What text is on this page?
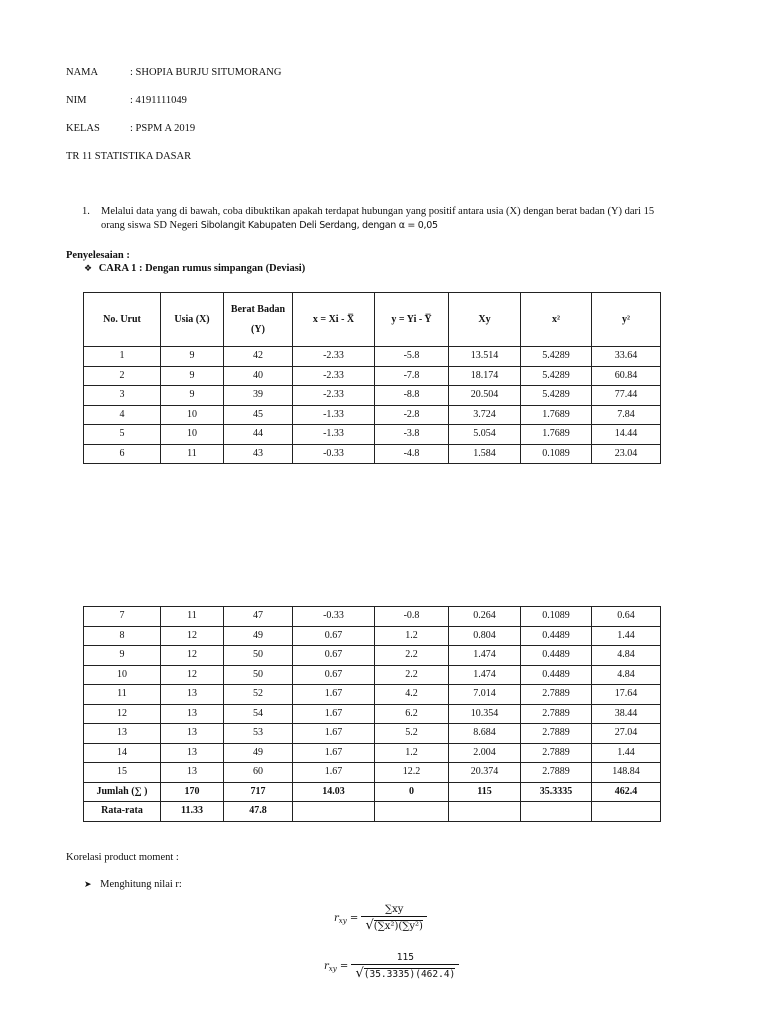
NAMA	: SHOPIA BURJU SITUMORANG
NIM	: 4191111049
KELAS	: PSPM A 2019
TR 11 STATISTIKA DASAR
1. Melalui data yang di bawah, coba dibuktikan apakah terdapat hubungan yang positif antara usia (X) dengan berat badan (Y) dari 15
orang siswa SD Negeri Sibolangit Kabupaten Deli Serdang, dengan α = 0,05
Penyelesaian :
❖ CARA 1 : Dengan rumus simpangan (Deviasi)
No. Urut	Usia (X)	Berat Badan
(Y)	x = Xi - X̅	y = Yi - Y̅	Xy	x²	y²
1	9	42	-2.33	-5.8	13.514	5.4289	33.64
2	9	40	-2.33	-7.8	18.174	5.4289	60.84
3	9	39	-2.33	-8.8	20.504	5.4289	77.44
4	10	45	-1.33	-2.8	3.724	1.7689	7.84
5	10	44	-1.33	-3.8	5.054	1.7689	14.44
6	11	43	-0.33	-4.8	1.584	0.1089	23.04
7	11	47	-0.33	-0.8	0.264	0.1089	0.64
8	12	49	0.67	1.2	0.804	0.4489	1.44
9	12	50	0.67	2.2	1.474	0.4489	4.84
10	12	50	0.67	2.2	1.474	0.4489	4.84
11	13	52	1.67	4.2	7.014	2.7889	17.64
12	13	54	1.67	6.2	10.354	2.7889	38.44
13	13	53	1.67	5.2	8.684	2.7889	27.04
14	13	49	1.67	1.2	2.004	2.7889	1.44
15	13	60	1.67	12.2	20.374	2.7889	148.84
Jumlah (∑ )	170	717	14.03	0	115	35.3335	462.4
Rata-rata	11.33	47.8					
Korelasi product moment :
➤ Menghitung nilai r:
$r_{xy} = \frac{\sum xy}{\text{√(∑x²)(∑y²)}}$
$r_{xy} = \frac{115}{√(35.3335)(462.4)}$
